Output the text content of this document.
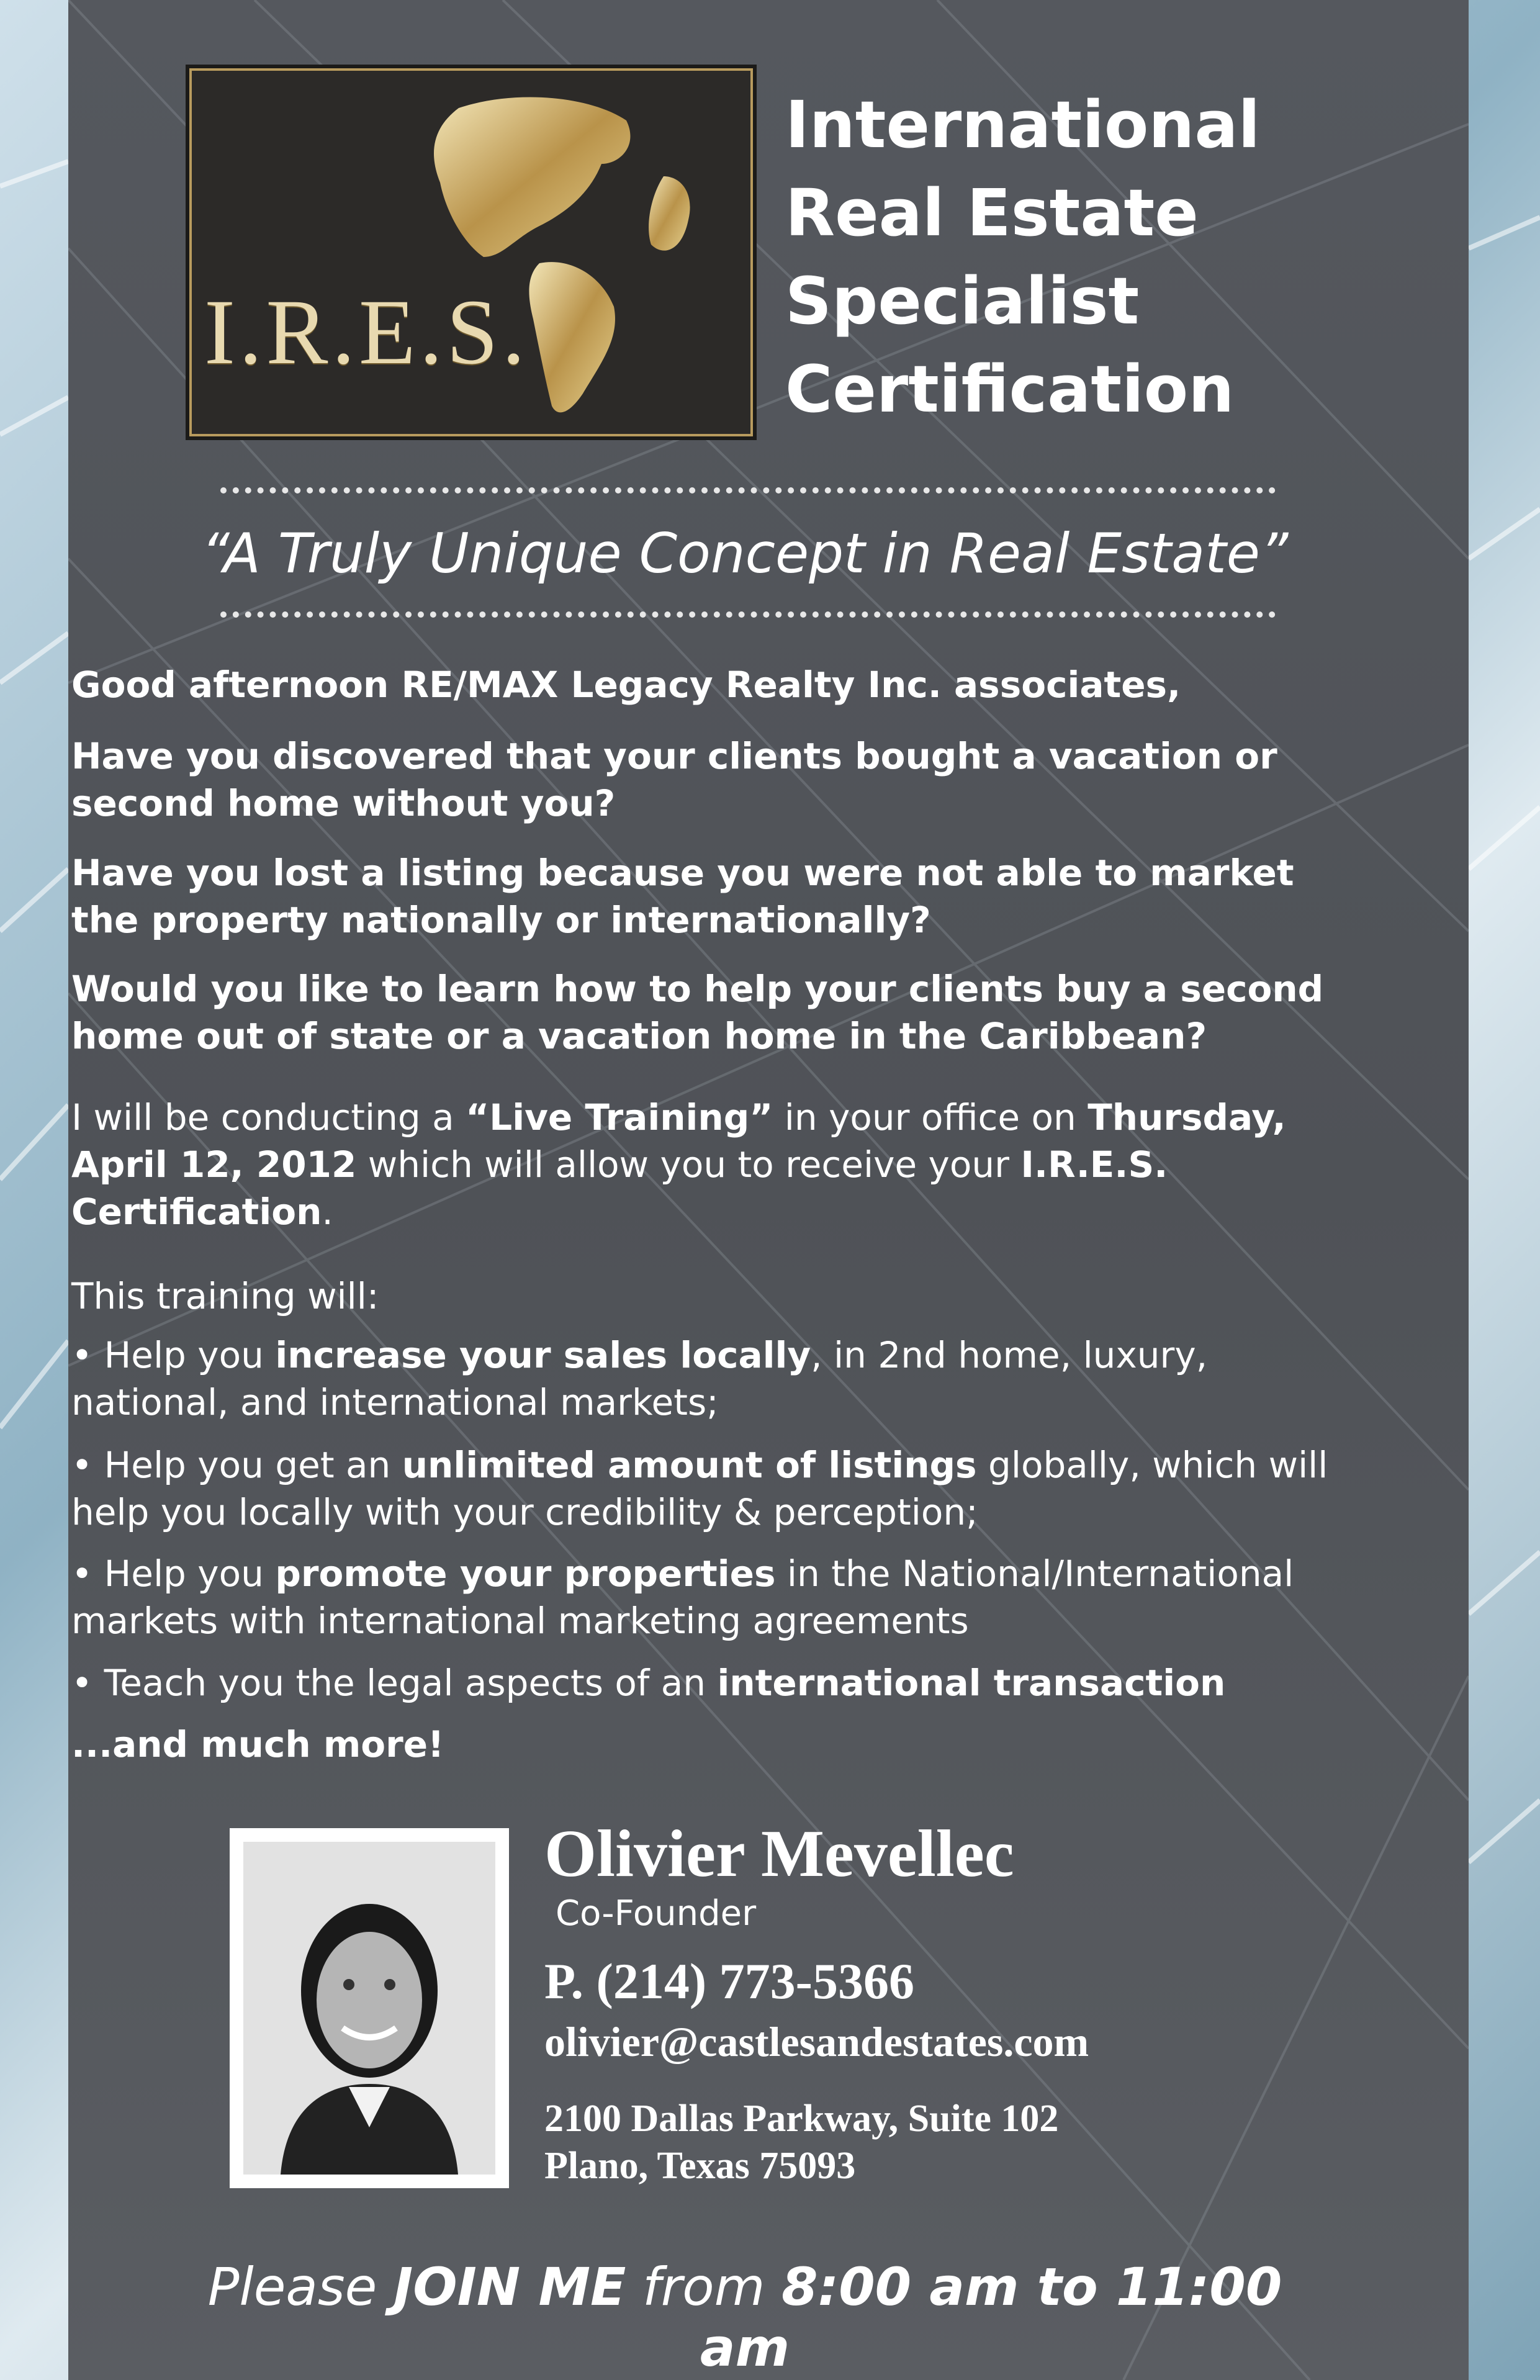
I.R.E.S.
International
Real Estate
Specialist
Certification
“A Truly Unique Concept in Real Estate”
Good afternoon RE/MAX Legacy Realty Inc. associates,
Have you discovered that your clients bought a vacation or second home without you?
Have you lost a listing because you were not able to market the property nationally or internationally?
Would you like to learn how to help your clients buy a second home out of state or a vacation home in the Caribbean?
I will be conducting a “Live Training” in your office on Thursday, April 12, 2012 which will allow you to receive your I.R.E.S. Certification.
This training will:
• Help you increase your sales locally, in 2nd home, luxury, national, and international markets;
• Help you get an unlimited amount of listings globally, which will help you locally with your credibility & perception;
• Help you promote your properties in the National/International markets with international marketing agreements
• Teach you the legal aspects of an international transaction
...and much more!
Olivier Mevellec
Co-Founder
P. (214) 773-5366
olivier@castlesandestates.com
2100 Dallas Parkway, Suite 102
Plano, Texas 75093
Please JOIN ME from 8:00 am to 11:00 am
